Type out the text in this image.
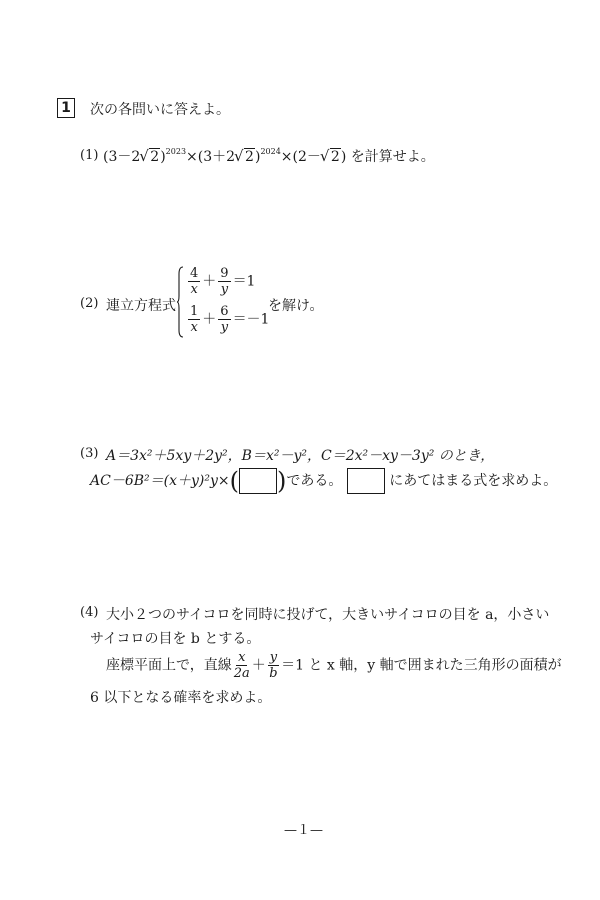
1 次の各問いに答えよ。
(1) (3－2 √ 2)$^{2023}$×(3＋2 √ 2)$^{2024}$×(2－ √ 2) を計算せよ。
(2) 連立方程式
$\frac{4}{x} + \frac{9}{y} =1$
$\frac{1}{x} + \frac{6}{y} =-1$
を解け。
(3) A＝3x²＋5xy＋2y²，B＝x²－y²，C＝2x²－xy－3y² のとき，
AC－6B²＝(x＋y)²y×( )である。	にあてはまる式を求めよ。
(4) 大小２つのサイコロを同時に投げて，大きいサイコロの目を a，小さい
サイコロの目を b とする。
座標平面上で，直線 $\frac{x}{2a} + \frac{y}{b} =1$ と x 軸，y 軸で囲まれた三角形の面積が
6 以下となる確率を求めよ。
—１—
